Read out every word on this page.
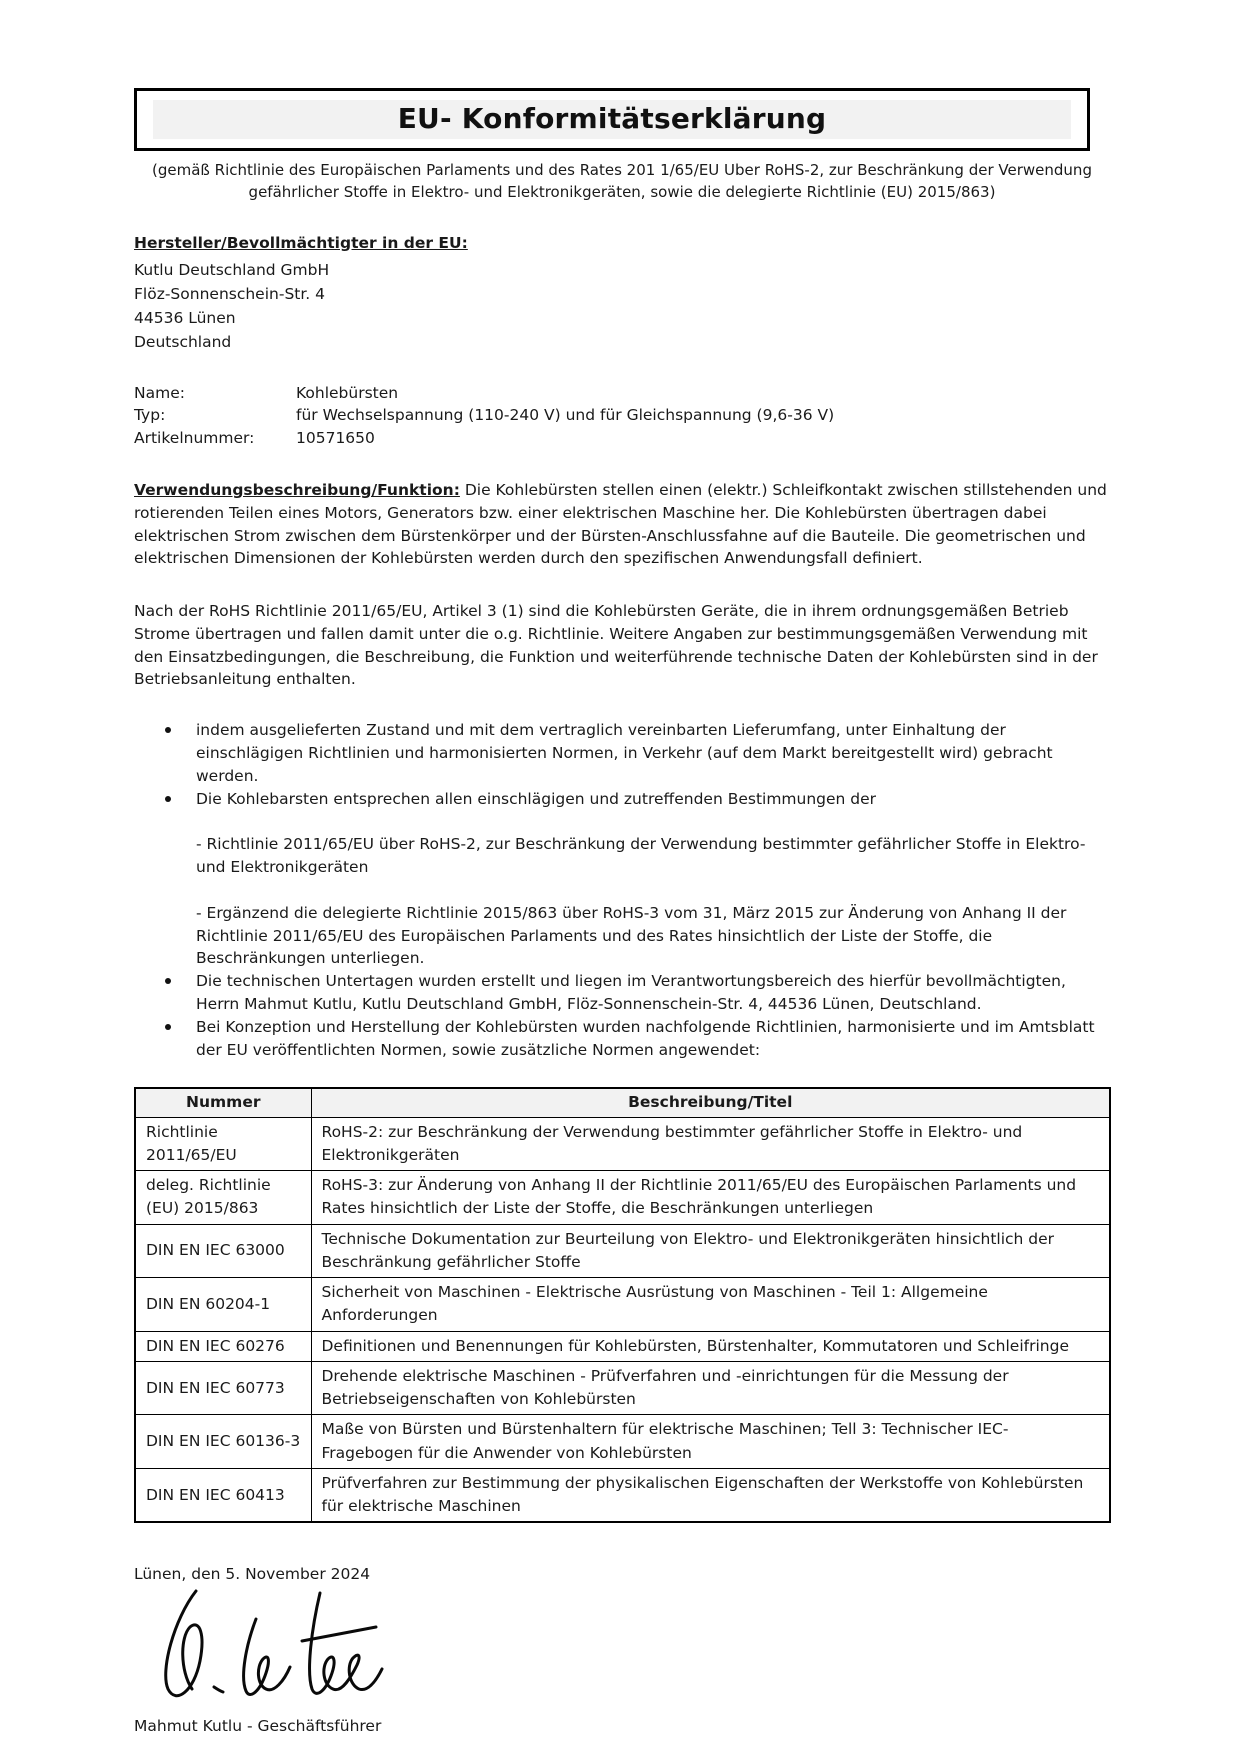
EU- Konformitätserklärung

(gemäß Richtlinie des Europäischen Parlaments und des Rates 201 1/65/EU Uber RoHS-2, zur Beschränkung der Verwendung gefährlicher Stoffe in Elektro- und Elektronikgeräten, sowie die delegierte Richtlinie (EU) 2015/863)

Hersteller/Bevollmächtigter in der EU:
Kutlu Deutschland GmbH
Flöz-Sonnenschein-Str. 4
44536 Lünen
Deutschland
Name:	Kohlebürsten
Typ:	für Wechselspannung (110-240 V) und für Gleichspannung (9,6-36 V)
Artikelnummer:	10571650

Verwendungsbeschreibung/Funktion: Die Kohlebürsten stellen einen (elektr.) Schleifkontakt zwischen stillstehenden und rotierenden Teilen eines Motors, Generators bzw. einer elektrischen Maschine her. Die Kohlebürsten übertragen dabei elektrischen Strom zwischen dem Bürstenkörper und der Bürsten-Anschlussfahne auf die Bauteile. Die geometrischen und elektrischen Dimensionen der Kohlebürsten werden durch den spezifischen Anwendungsfall definiert.

Nach der RoHS Richtlinie 2011/65/EU, Artikel 3 (1) sind die Kohlebürsten Geräte, die in ihrem ordnungsgemäßen Betrieb Strome übertragen und fallen damit unter die o.g. Richtlinie. Weitere Angaben zur bestimmungsgemäßen Verwendung mit den Einsatzbedingungen, die Beschreibung, die Funktion und weiterführende technische Daten der Kohlebürsten sind in der Betriebsanleitung enthalten.

indem ausgelieferten Zustand und mit dem vertraglich vereinbarten Lieferumfang, unter Einhaltung der einschlägigen Richtlinien und harmonisierten Normen, in Verkehr (auf dem Markt bereitgestellt wird) gebracht werden.
Die Kohlebarsten entsprechen allen einschlägigen und zutreffenden Bestimmungen der
- Richtlinie 2011/65/EU über RoHS-2, zur Beschränkung der Verwendung bestimmter gefährlicher Stoffe in Elektro- und Elektronikgeräten
- Ergänzend die delegierte Richtlinie 2015/863 über RoHS-3 vom 31, März 2015 zur Änderung von Anhang II der Richtlinie 2011/65/EU des Europäischen Parlaments und des Rates hinsichtlich der Liste der Stoffe, die Beschränkungen unterliegen.
Die technischen Untertagen wurden erstellt und liegen im Verantwortungsbereich des hierfür bevollmächtigten, Herrn Mahmut Kutlu, Kutlu Deutschland GmbH, Flöz-Sonnenschein-Str. 4, 44536 Lünen, Deutschland.
Bei Konzeption und Herstellung der Kohlebürsten wurden nachfolgende Richtlinien, harmonisierte und im Amtsblatt der EU veröffentlichten Normen, sowie zusätzliche Normen angewendet:
Nummer	Beschreibung/Titel
Richtlinie 2011/65/EU	RoHS-2: zur Beschränkung der Verwendung bestimmter gefährlicher Stoffe in Elektro- und Elektronikgeräten
deleg. Richtlinie (EU) 2015/863	RoHS-3: zur Änderung von Anhang II der Richtlinie 2011/65/EU des Europäischen Parlaments und Rates hinsichtlich der Liste der Stoffe, die Beschränkungen unterliegen
DIN EN IEC 63000	Technische Dokumentation zur Beurteilung von Elektro- und Elektronikgeräten hinsichtlich der Beschränkung gefährlicher Stoffe
DIN EN 60204-1	Sicherheit von Maschinen - Elektrische Ausrüstung von Maschinen - Teil 1: Allgemeine Anforderungen
DIN EN IEC 60276	Definitionen und Benennungen für Kohlebürsten, Bürstenhalter, Kommutatoren und Schleifringe
DIN EN IEC 60773	Drehende elektrische Maschinen - Prüfverfahren und -einrichtungen für die Messung der Betriebseigenschaften von Kohlebürsten
DIN EN IEC 60136-3	Maße von Bürsten und Bürstenhaltern für elektrische Maschinen; Tell 3: Technischer IEC-Fragebogen für die Anwender von Kohlebürsten
DIN EN IEC 60413	Prüfverfahren zur Bestimmung der physikalischen Eigenschaften der Werkstoffe von Kohlebürsten für elektrische Maschinen
Lünen, den 5. November 2024
Mahmut Kutlu - Geschäftsführer
